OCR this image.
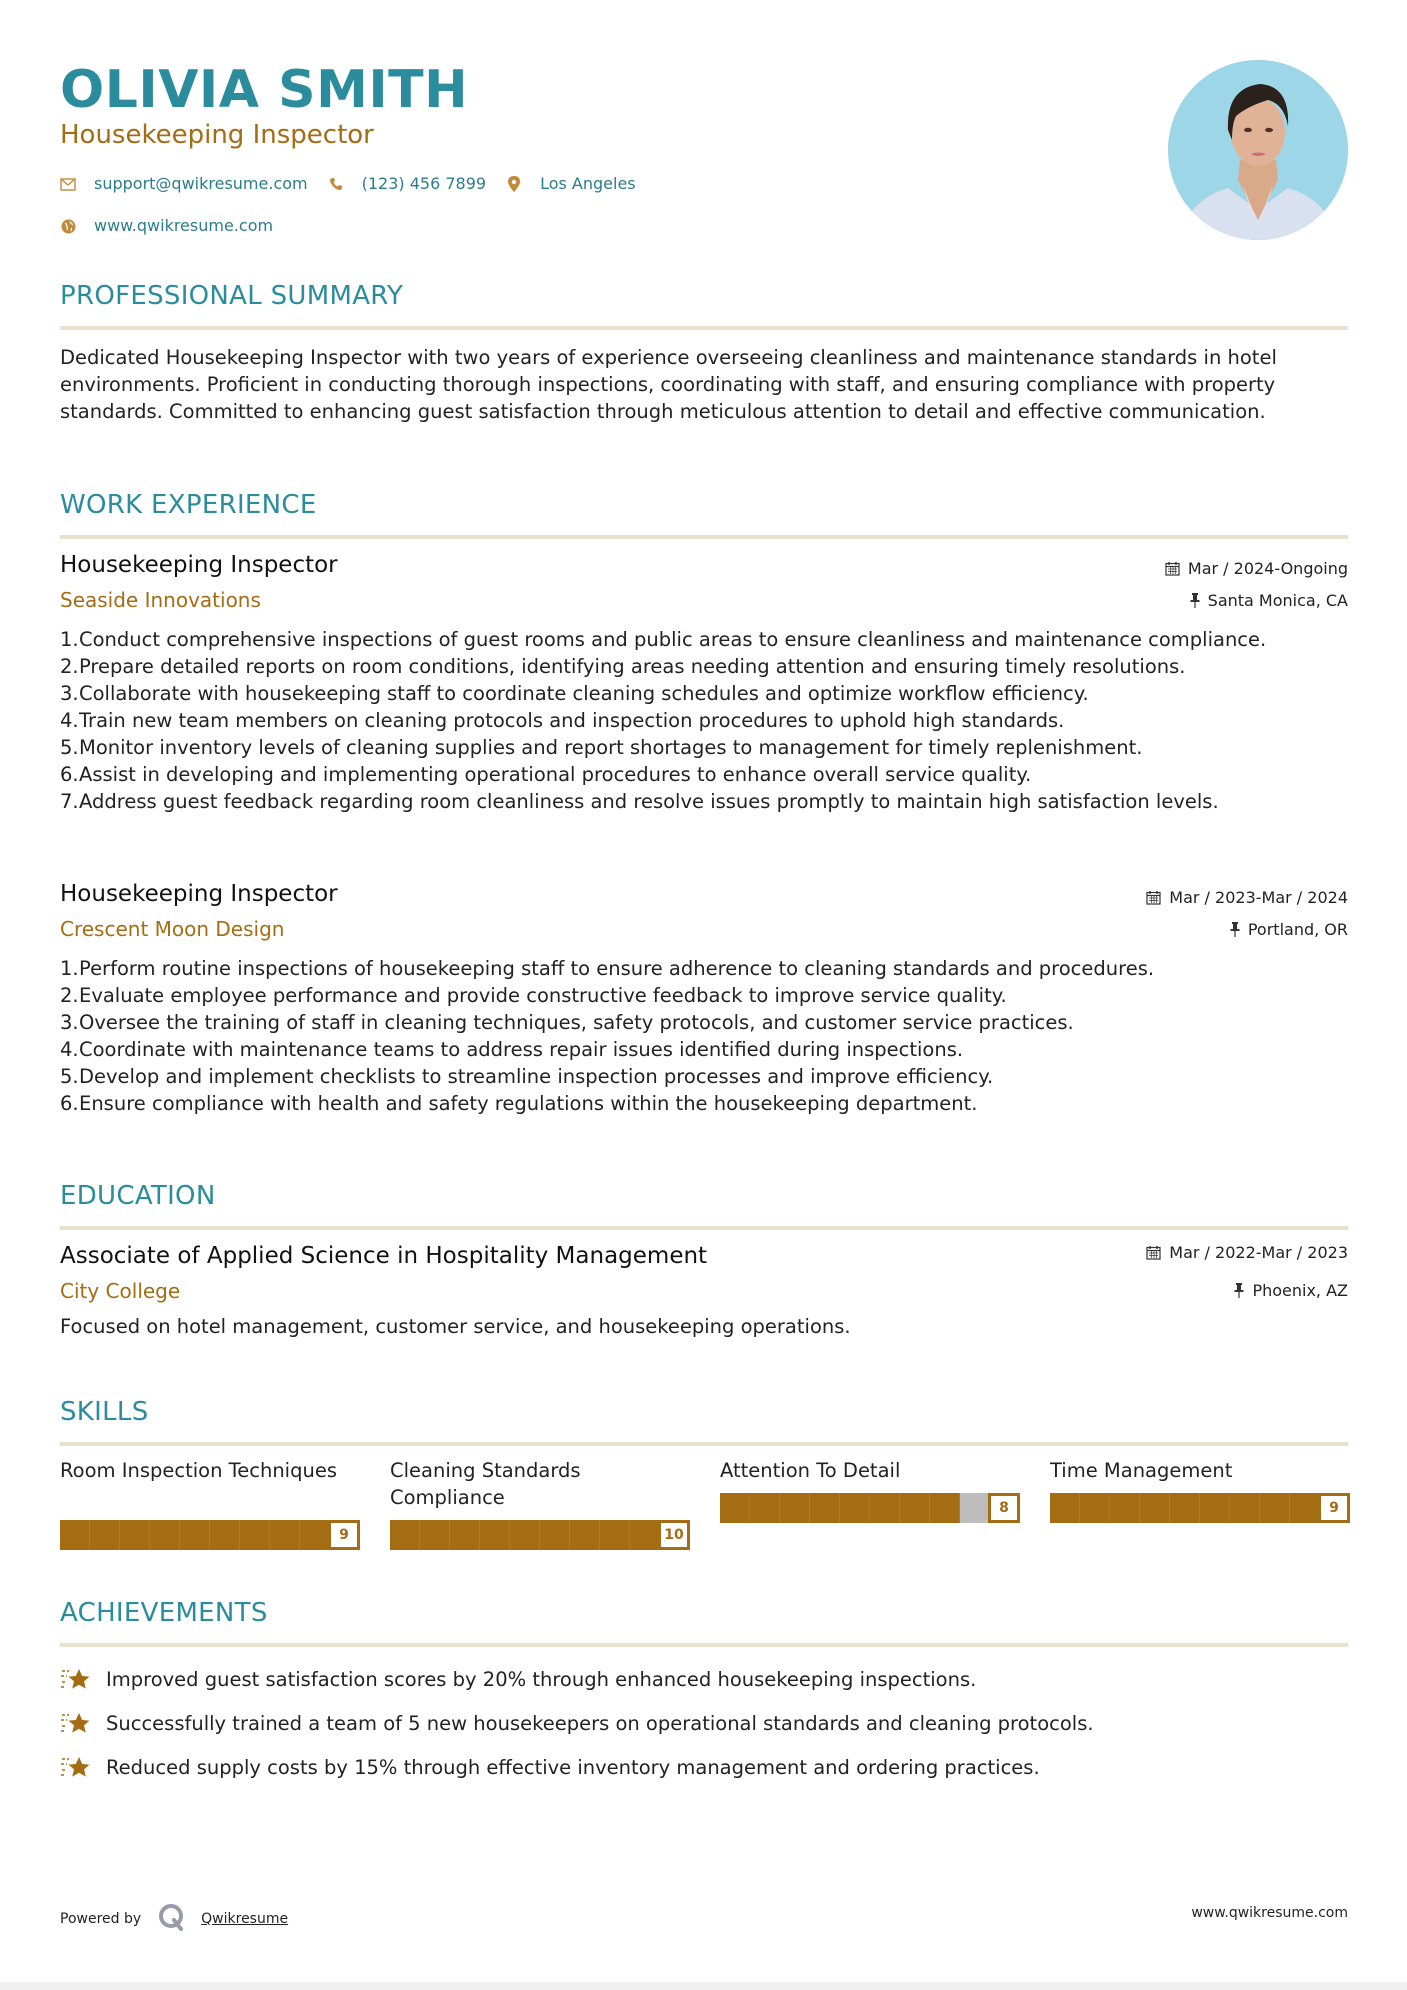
OLIVIA SMITH
Housekeeping Inspector
support@qwikresume.com	(123) 456 7899	Los Angeles
www.qwikresume.com
PROFESSIONAL SUMMARY
Dedicated Housekeeping Inspector with two years of experience overseeing cleanliness and maintenance standards in hotel environments. Proficient in conducting thorough inspections, coordinating with staff, and ensuring compliance with property standards. Committed to enhancing guest satisfaction through meticulous attention to detail and effective communication.
WORK EXPERIENCE
Housekeeping Inspector
Seaside Innovations
Mar / 2024-Ongoing
Santa Monica, CA
1. Conduct comprehensive inspections of guest rooms and public areas to ensure cleanliness and maintenance compliance.
2. Prepare detailed reports on room conditions, identifying areas needing attention and ensuring timely resolutions.
3. Collaborate with housekeeping staff to coordinate cleaning schedules and optimize workflow efficiency.
4. Train new team members on cleaning protocols and inspection procedures to uphold high standards.
5. Monitor inventory levels of cleaning supplies and report shortages to management for timely replenishment.
6. Assist in developing and implementing operational procedures to enhance overall service quality.
7. Address guest feedback regarding room cleanliness and resolve issues promptly to maintain high satisfaction levels.
Housekeeping Inspector
Crescent Moon Design
Mar / 2023-Mar / 2024
Portland, OR
1. Perform routine inspections of housekeeping staff to ensure adherence to cleaning standards and procedures.
2. Evaluate employee performance and provide constructive feedback to improve service quality.
3. Oversee the training of staff in cleaning techniques, safety protocols, and customer service practices.
4. Coordinate with maintenance teams to address repair issues identified during inspections.
5. Develop and implement checklists to streamline inspection processes and improve efficiency.
6. Ensure compliance with health and safety regulations within the housekeeping department.
EDUCATION
Associate of Applied Science in Hospitality Management
City College
Mar / 2022-Mar / 2023
Phoenix, AZ
Focused on hotel management, customer service, and housekeeping operations.
SKILLS
Room Inspection Techniques
9
Cleaning Standards Compliance
10
Attention To Detail
8
Time Management
9
ACHIEVEMENTS
Improved guest satisfaction scores by 20% through enhanced housekeeping inspections.
Successfully trained a team of 5 new housekeepers on operational standards and cleaning protocols.
Reduced supply costs by 15% through effective inventory management and ordering practices.
Powered by	Qwikresume	www.qwikresume.com
